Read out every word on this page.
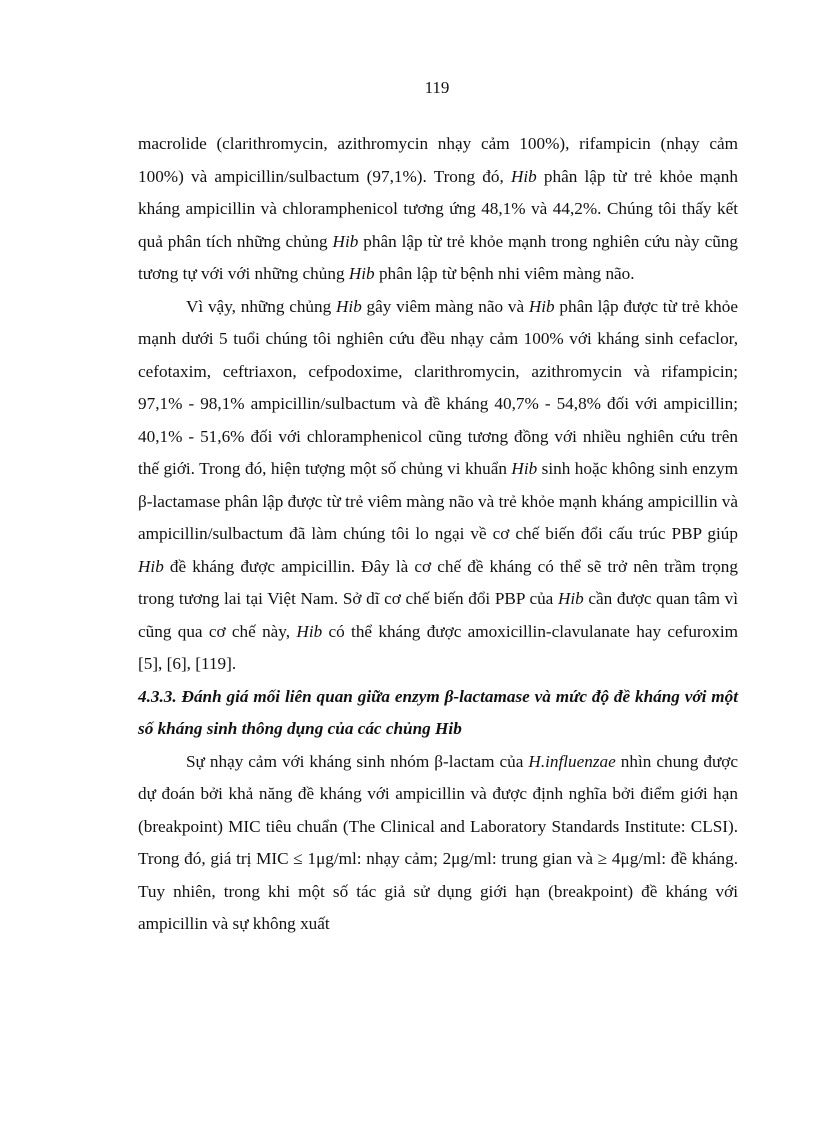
119

macrolide (clarithromycin, azithromycin nhạy cảm 100%), rifampicin (nhạy cảm 100%) và ampicillin/sulbactum (97,1%). Trong đó, Hib phân lập từ trẻ khỏe mạnh kháng ampicillin và chloramphenicol tương ứng 48,1% và 44,2%. Chúng tôi thấy kết quả phân tích những chủng Hib phân lập từ trẻ khỏe mạnh trong nghiên cứu này cũng tương tự với với những chủng Hib phân lập từ bệnh nhi viêm màng não.

Vì vậy, những chủng Hib gây viêm màng não và Hib phân lập được từ trẻ khỏe mạnh dưới 5 tuổi chúng tôi nghiên cứu đều nhạy cảm 100% với kháng sinh cefaclor, cefotaxim, ceftriaxon, cefpodoxime, clarithromycin, azithromycin và rifampicin; 97,1% - 98,1% ampicillin/sulbactum và đề kháng 40,7% - 54,8% đối với ampicillin; 40,1% - 51,6% đối với chloramphenicol cũng tương đồng với nhiều nghiên cứu trên thế giới. Trong đó, hiện tượng một số chủng vi khuẩn Hib sinh hoặc không sinh enzym β-lactamase phân lập được từ trẻ viêm màng não và trẻ khỏe mạnh kháng ampicillin và ampicillin/sulbactum đã làm chúng tôi lo ngại về cơ chế biến đổi cấu trúc PBP giúp Hib đề kháng được ampicillin. Đây là cơ chế đề kháng có thể sẽ trở nên trầm trọng trong tương lai tại Việt Nam. Sở dĩ cơ chế biến đổi PBP của Hib cần được quan tâm vì cũng qua cơ chế này, Hib có thể kháng được amoxicillin-clavulanate hay cefuroxim [5], [6], [119].

4.3.3. Đánh giá mối liên quan giữa enzym β-lactamase và mức độ đề kháng với một số kháng sinh thông dụng của các chủng Hib

Sự nhạy cảm với kháng sinh nhóm β-lactam của H.influenzae nhìn chung được dự đoán bởi khả năng đề kháng với ampicillin và được định nghĩa bởi điểm giới hạn (breakpoint) MIC tiêu chuẩn (The Clinical and Laboratory Standards Institute: CLSI). Trong đó, giá trị MIC ≤ 1μg/ml: nhạy cảm; 2μg/ml: trung gian và ≥ 4μg/ml: đề kháng. Tuy nhiên, trong khi một số tác giả sử dụng giới hạn (breakpoint) đề kháng với ampicillin và sự không xuất
